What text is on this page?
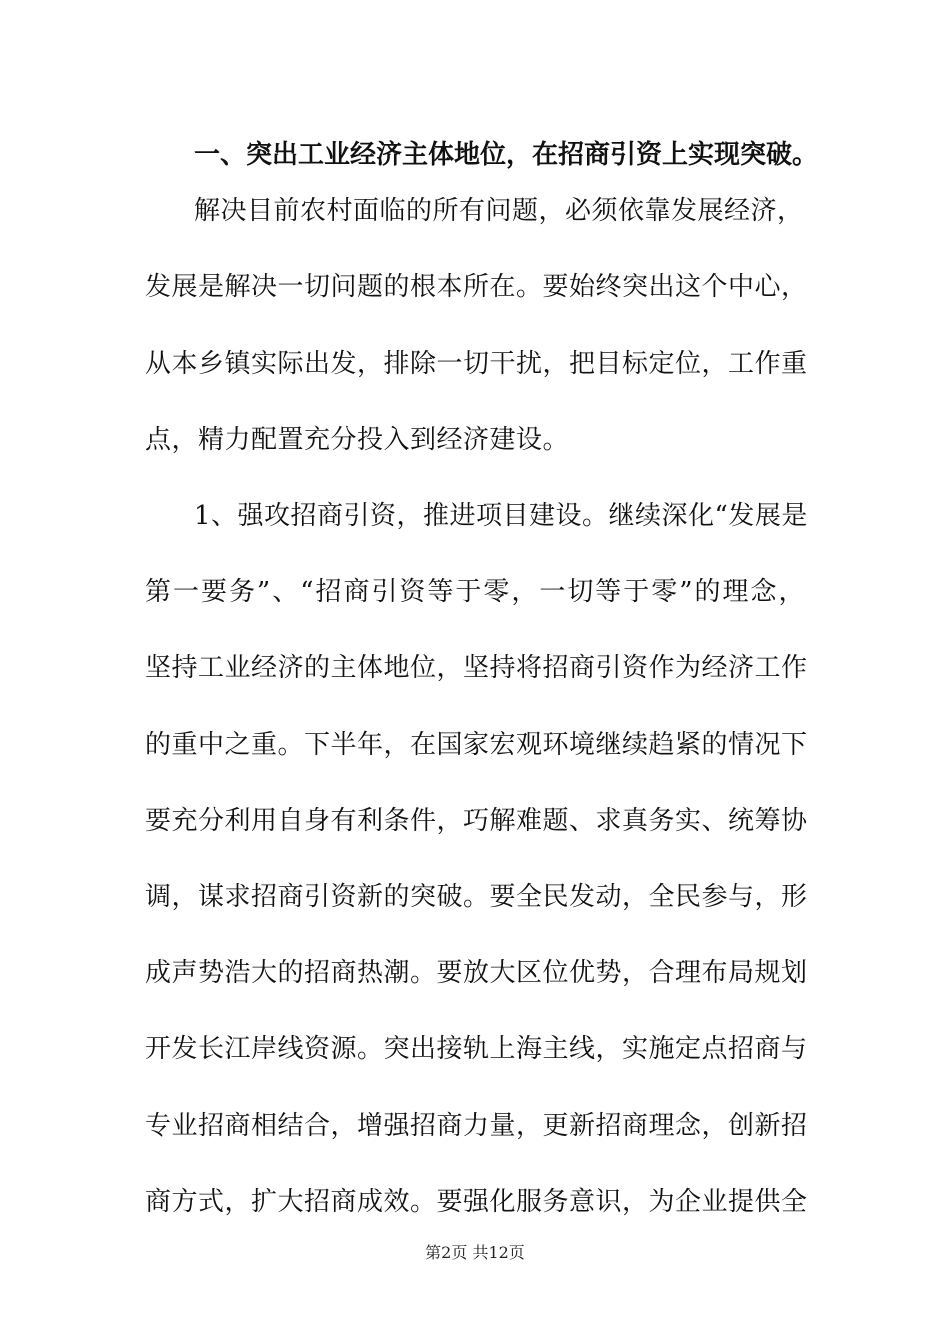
一、突出工业经济主体地位，在招商引资上实现突破。
解决目前农村面临的所有问题，必须依靠发展经济，
发展是解决一切问题的根本所在。要始终突出这个中心，
从本乡镇实际出发，排除一切干扰，把目标定位，工作重
点，精力配置充分投入到经济建设。
1、强攻招商引资，推进项目建设。继续深化“发展是
第一要务”、“招商引资等于零，一切等于零”的理念，
坚持工业经济的主体地位，坚持将招商引资作为经济工作
的重中之重。下半年，在国家宏观环境继续趋紧的情况下
要充分利用自身有利条件，巧解难题、求真务实、统筹协
调，谋求招商引资新的突破。要全民发动，全民参与，形
成声势浩大的招商热潮。要放大区位优势，合理布局规划
开发长江岸线资源。突出接轨上海主线，实施定点招商与
专业招商相结合，增强招商力量，更新招商理念，创新招
商方式，扩大招商成效。要强化服务意识，为企业提供全
第2页 共12页
